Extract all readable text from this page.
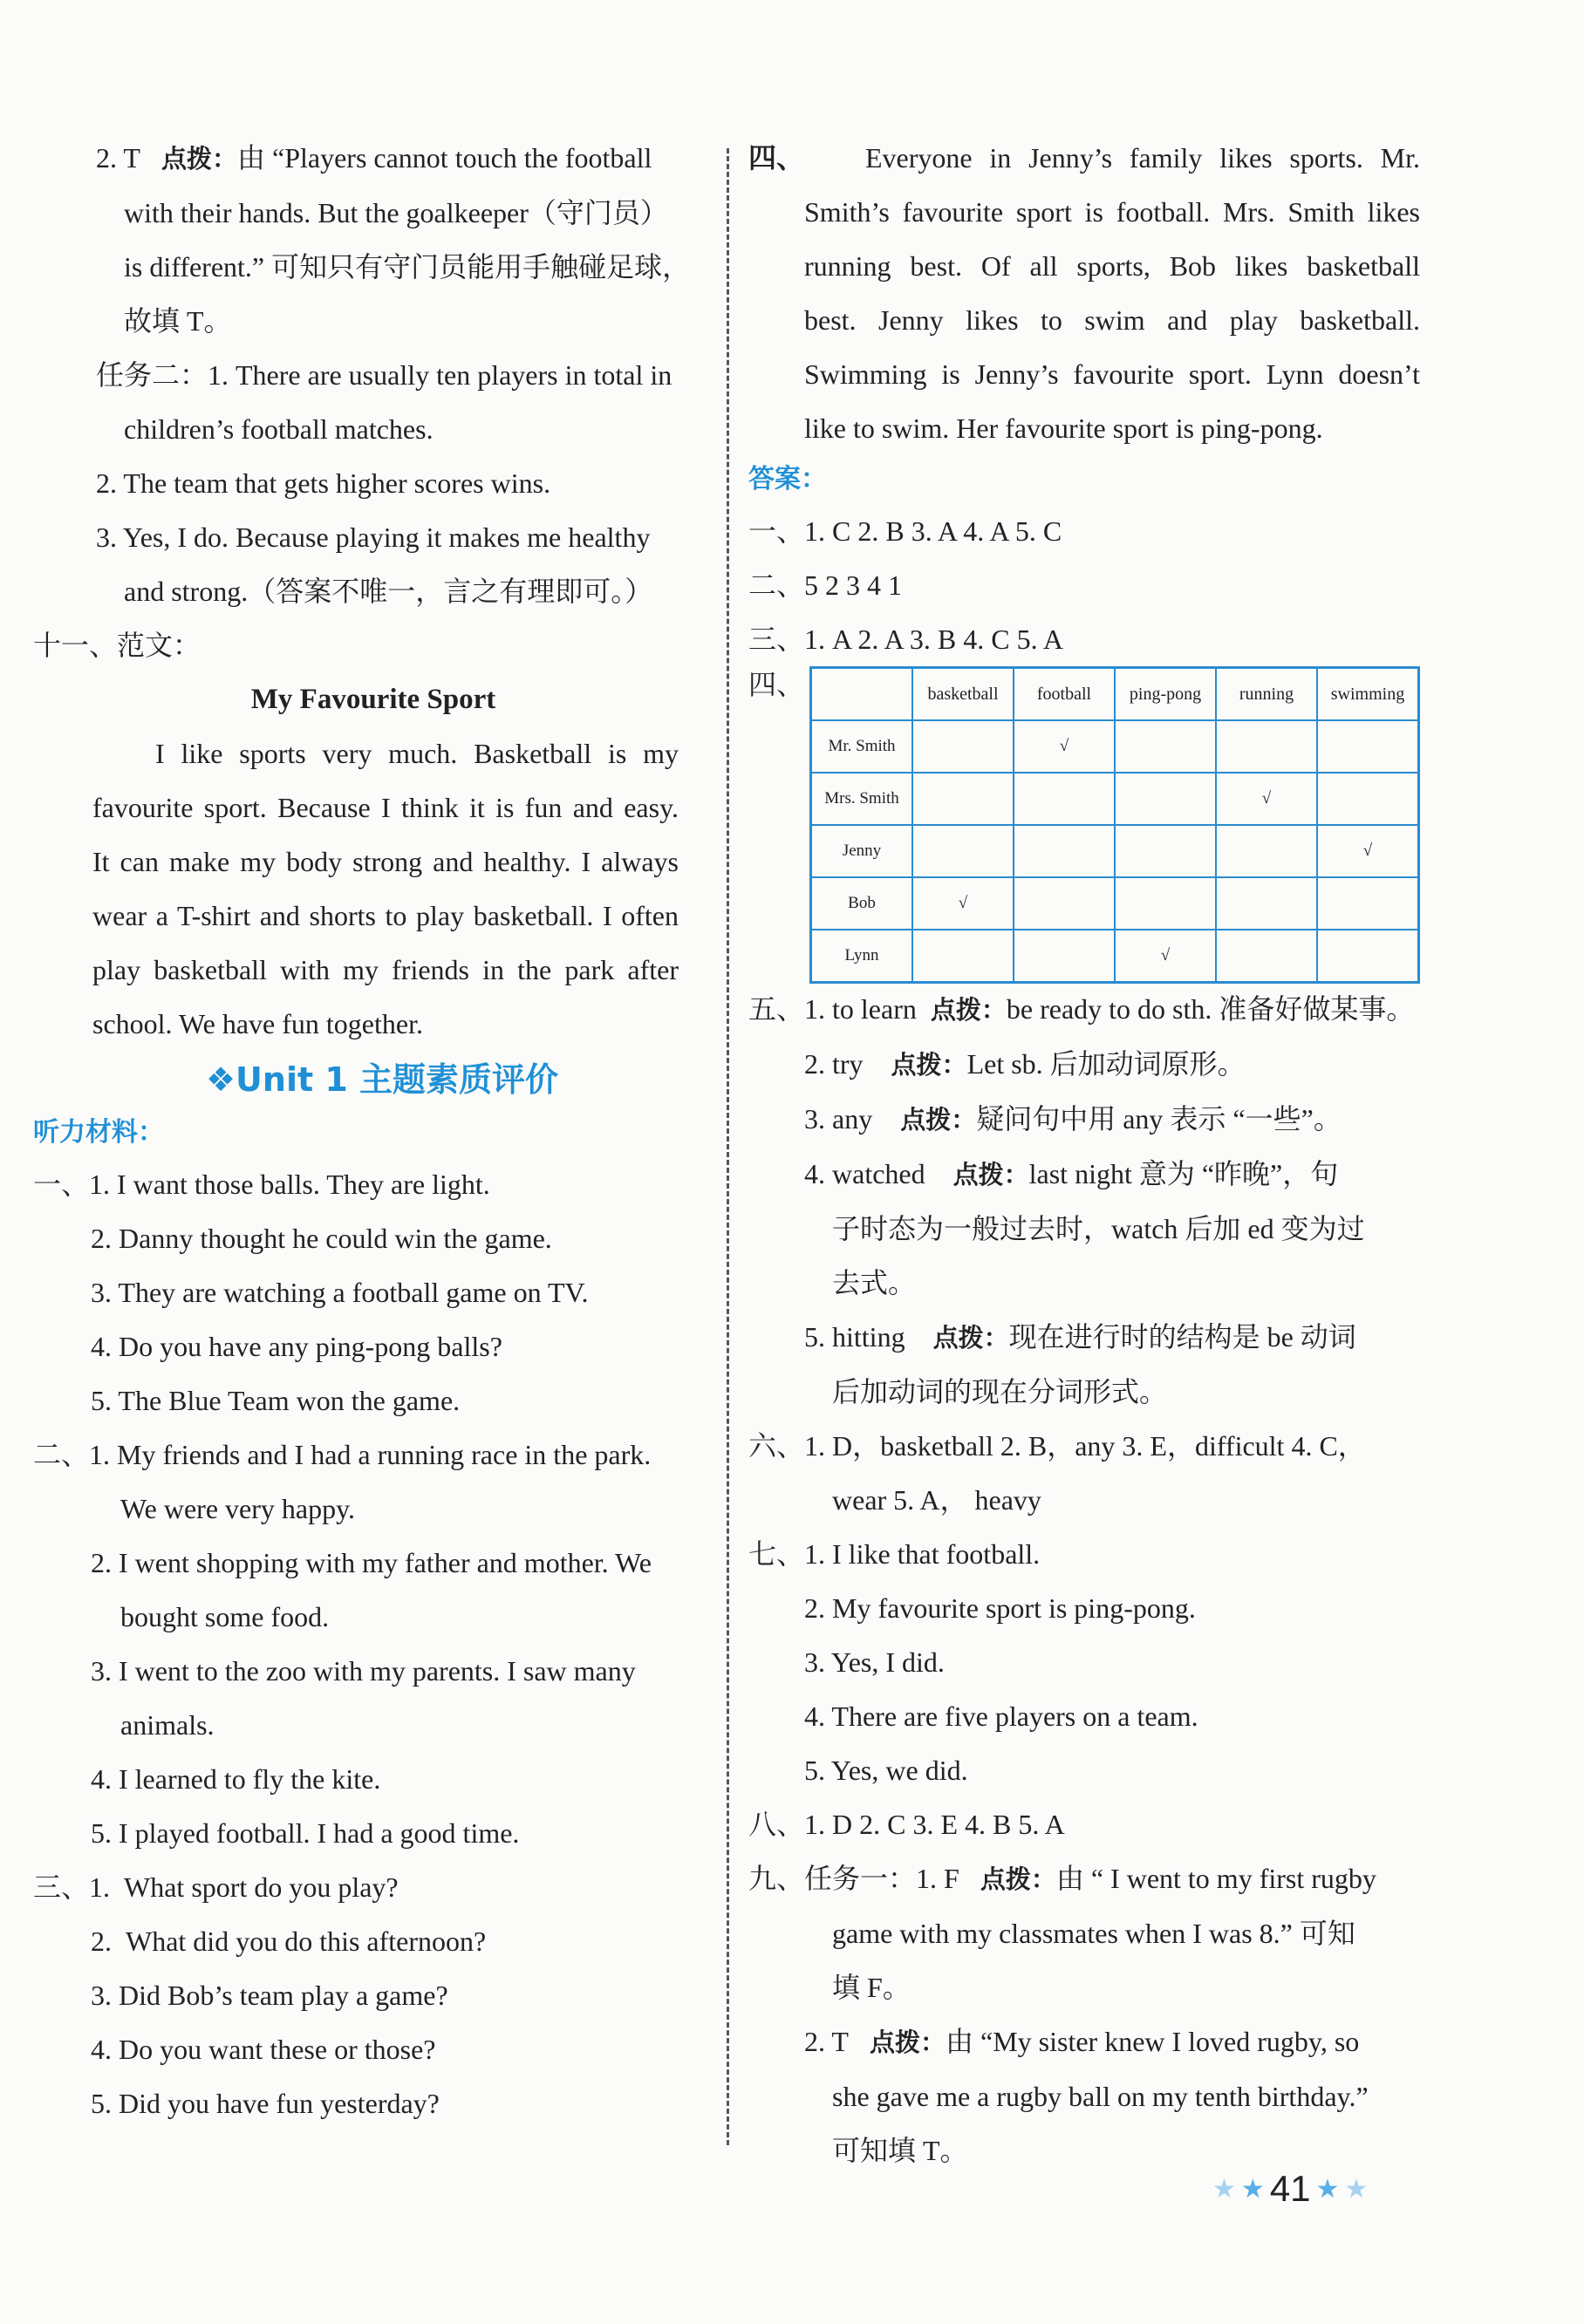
2. T 点拨：由 “Players cannot touch the football
with their hands. But the goalkeeper（守门员）
is different.” 可知只有守门员能用手触碰足球，
故填 T。
任务二：1. There are usually ten players in total in
children’s football matches.
2. The team that gets higher scores wins.
3. Yes, I do. Because playing it makes me healthy
and strong.（答案不唯一，言之有理即可。）
十一、范文：
My Favourite Sport
I like sports very much. Basketball is my
favourite sport. Because I think it is fun and easy.
It can make my body strong and healthy. I always
wear a T-shirt and shorts to play basketball. I often
play basketball with my friends in the park after
school. We have fun together.
❖Unit 1 主题素质评价
听力材料：
一、1. I want those balls. They are light.
2. Danny thought he could win the game.
3. They are watching a football game on TV.
4. Do you have any ping-pong balls?
5. The Blue Team won the game.
二、1. My friends and I had a running race in the park.
We were very happy.
2. I went shopping with my father and mother. We
bought some food.
3. I went to the zoo with my parents. I saw many
animals.
4. I learned to fly the kite.
5. I played football. I had a good time.
三、1. What sport do you play?
2. What did you do this afternoon?
3. Did Bob’s team play a game?
4. Do you want these or those?
5. Did you have fun yesterday?
四、	Everyone in Jenny’s family likes sports. Mr.
Smith’s favourite sport is football. Mrs. Smith likes
running best. Of all sports, Bob likes basketball
best. Jenny likes to swim and play basketball.
Swimming is Jenny’s favourite sport. Lynn doesn’t
like to swim. Her favourite sport is ping-pong.
答案：
一、1. C 2. B 3. A 4. A 5. C
二、5 2 3 4 1
三、1. A 2. A 3. B 4. C 5. A
四、
		basketball	football	ping-pong	running	swimming
Mr. Smith		√			
Mrs. Smith				√	
Jenny					√
Bob	√				
Lynn			√		
五、1. to learn 点拨：be ready to do sth. 准备好做某事。
2. try 点拨：Let sb. 后加动词原形。
3. any 点拨：疑问句中用 any 表示 “一些”。
4. watched 点拨：last night 意为 “昨晚”，句
子时态为一般过去时，watch 后加 ed 变为过
去式。
5. hitting 点拨：现在进行时的结构是 be 动词
后加动词的现在分词形式。
六、1. D，basketball 2. B，any 3. E，difficult 4. C，
wear 5. A， heavy
七、1. I like that football.
2. My favourite sport is ping-pong.
3. Yes, I did.
4. There are five players on a team.
5. Yes, we did.
八、1. D 2. C 3. E 4. B 5. A
九、任务一：1. F 点拨：由 “ I went to my first rugby
game with my classmates when I was 8.” 可知
填 F。
2. T 点拨：由 “My sister knew I loved rugby, so
she gave me a rugby ball on my tenth birthday.”
可知填 T。
★ ★ 41 ★ ★
